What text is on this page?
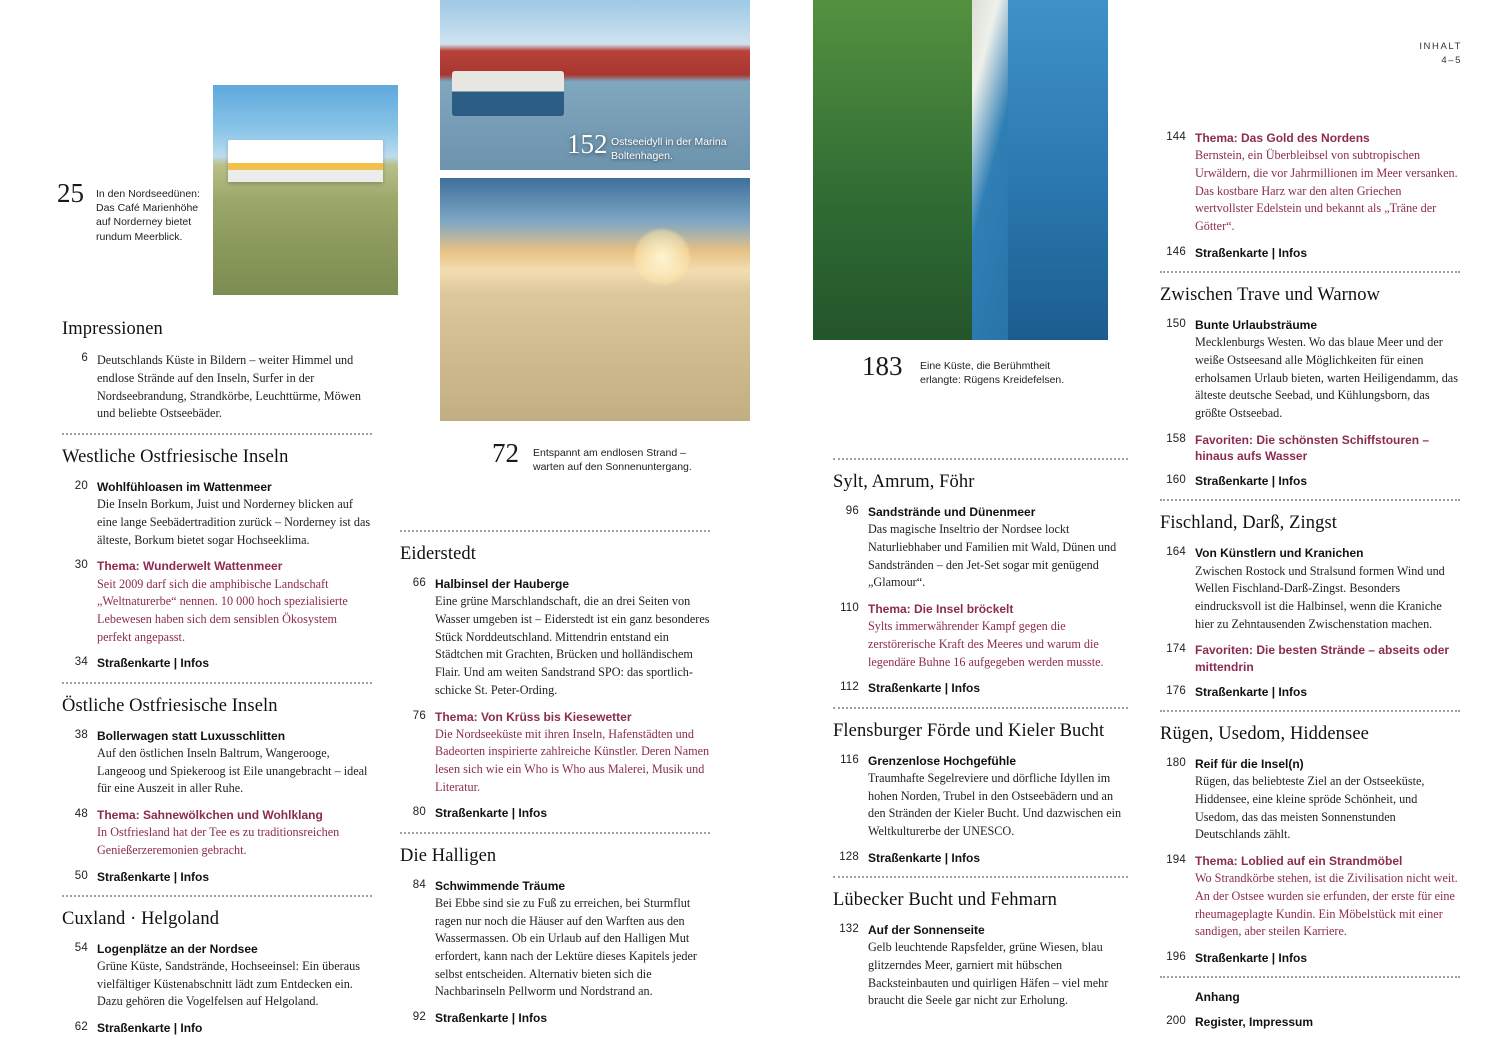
INHALT
4–5
25	In den Nordseedünen: Das Café Marienhöhe auf Norderney bietet rundum Meerblick.
152 Ostseeidyll in der Marina Boltenhagen.
72 Entspannt am endlosen Strand – warten auf den Sonnenuntergang.
183 Eine Küste, die Berühmtheit erlangte: Rügens Kreidefelsen.
Impressionen
6 Deutschlands Küste in Bildern – weiter Himmel und endlose Strände auf den Inseln, Surfer in der Nordseebrandung, Strandkörbe, Leuchttürme, Möwen und beliebte Ostseebäder.
Westliche Ostfriesische Inseln
20 Wohlfühloasen im Wattenmeer
Die Inseln Borkum, Juist und Norderney blicken auf eine lange Seebädertradition zurück – Norderney ist das älteste, Borkum bietet sogar Hochseeklima.
30 Thema: Wunderwelt Wattenmeer
Seit 2009 darf sich die amphibische Landschaft „Weltnaturerbe“ nennen. 10 000 hoch spezialisierte Lebewesen haben sich dem sensiblen Ökosystem perfekt angepasst.
34 Straßenkarte | Infos
Östliche Ostfriesische Inseln
38 Bollerwagen statt Luxusschlitten
Auf den östlichen Inseln Baltrum, Wangerooge, Langeoog und Spiekeroog ist Eile unangebracht – ideal für eine Auszeit in aller Ruhe.
48 Thema: Sahnewölkchen und Wohlklang
In Ostfriesland hat der Tee es zu traditionsreichen Genießerzeremonien gebracht.
50 Straßenkarte | Infos
Cuxland · Helgoland
54 Logenplätze an der Nordsee
Grüne Küste, Sandstrände, Hochseeinsel: Ein überaus vielfältiger Küstenabschnitt lädt zum Entdecken ein. Dazu gehören die Vogelfelsen auf Helgoland.
62 Straßenkarte | Info
Eiderstedt
66 Halbinsel der Hauberge
Eine grüne Marschlandschaft, die an drei Seiten von Wasser umgeben ist – Eiderstedt ist ein ganz besonderes Stück Norddeutschland. Mittendrin entstand ein Städtchen mit Grachten, Brücken und holländischem Flair. Und am weiten Sandstrand SPO: das sportlich-schicke St. Peter-Ording.
76 Thema: Von Krüss bis Kiesewetter
Die Nordseeküste mit ihren Inseln, Hafenstädten und Badeorten inspirierte zahlreiche Künstler. Deren Namen lesen sich wie ein Who is Who aus Malerei, Musik und Literatur.
80 Straßenkarte | Infos
Die Halligen
84 Schwimmende Träume
Bei Ebbe sind sie zu Fuß zu erreichen, bei Sturmflut ragen nur noch die Häuser auf den Warften aus den Wassermassen. Ob ein Urlaub auf den Halligen Mut erfordert, kann nach der Lektüre dieses Kapitels jeder selbst entscheiden. Alternativ bieten sich die Nachbarinseln Pellworm und Nordstrand an.
92 Straßenkarte | Infos
Sylt, Amrum, Föhr
96 Sandstrände und Dünenmeer
Das magische Inseltrio der Nordsee lockt Naturliebhaber und Familien mit Wald, Dünen und Sandstränden – den Jet-Set sogar mit genügend „Glamour“.
110 Thema: Die Insel bröckelt
Sylts immerwährender Kampf gegen die zerstörerische Kraft des Meeres und warum die legendäre Buhne 16 aufgegeben werden musste.
112 Straßenkarte | Infos
Flensburger Förde und Kieler Bucht
116 Grenzenlose Hochgefühle
Traumhafte Segelreviere und dörfliche Idyllen im hohen Norden, Trubel in den Ostseebädern und an den Stränden der Kieler Bucht. Und dazwischen ein Weltkulturerbe der UNESCO.
128 Straßenkarte | Infos
Lübecker Bucht und Fehmarn
132 Auf der Sonnenseite
Gelb leuchtende Rapsfelder, grüne Wiesen, blau glitzerndes Meer, garniert mit hübschen Backsteinbauten und quirligen Häfen – viel mehr braucht die Seele gar nicht zur Erholung.
144 Thema: Das Gold des Nordens
Bernstein, ein Überbleibsel von subtropischen Urwäldern, die vor Jahrmillionen im Meer versanken. Das kostbare Harz war den alten Griechen wertvollster Edelstein und bekannt als „Träne der Götter“.
146 Straßenkarte | Infos
Zwischen Trave und Warnow
150 Bunte Urlaubsträume
Mecklenburgs Westen. Wo das blaue Meer und der weiße Ostseesand alle Möglichkeiten für einen erholsamen Urlaub bieten, warten Heiligendamm, das älteste deutsche Seebad, und Kühlungsborn, das größte Ostseebad.
158 Favoriten: Die schönsten Schiffstouren – hinaus aufs Wasser
160 Straßenkarte | Infos
Fischland, Darß, Zingst
164 Von Künstlern und Kranichen
Zwischen Rostock und Stralsund formen Wind und Wellen Fischland-Darß-Zingst. Besonders eindrucksvoll ist die Halbinsel, wenn die Kraniche hier zu Zehntausenden Zwischenstation machen.
174 Favoriten: Die besten Strände – abseits oder mittendrin
176 Straßenkarte | Infos
Rügen, Usedom, Hiddensee
180 Reif für die Insel(n)
Rügen, das beliebteste Ziel an der Ostseeküste, Hiddensee, eine kleine spröde Schönheit, und Usedom, das das meisten Sonnenstunden Deutschlands zählt.
194 Thema: Loblied auf ein Strandmöbel
Wo Strandkörbe stehen, ist die Zivilisation nicht weit. An der Ostsee wurden sie erfunden, der erste für eine rheumageplagte Kundin. Ein Möbelstück mit einer sandigen, aber steilen Karriere.
196 Straßenkarte | Infos
Anhang
200 Register, Impressum
